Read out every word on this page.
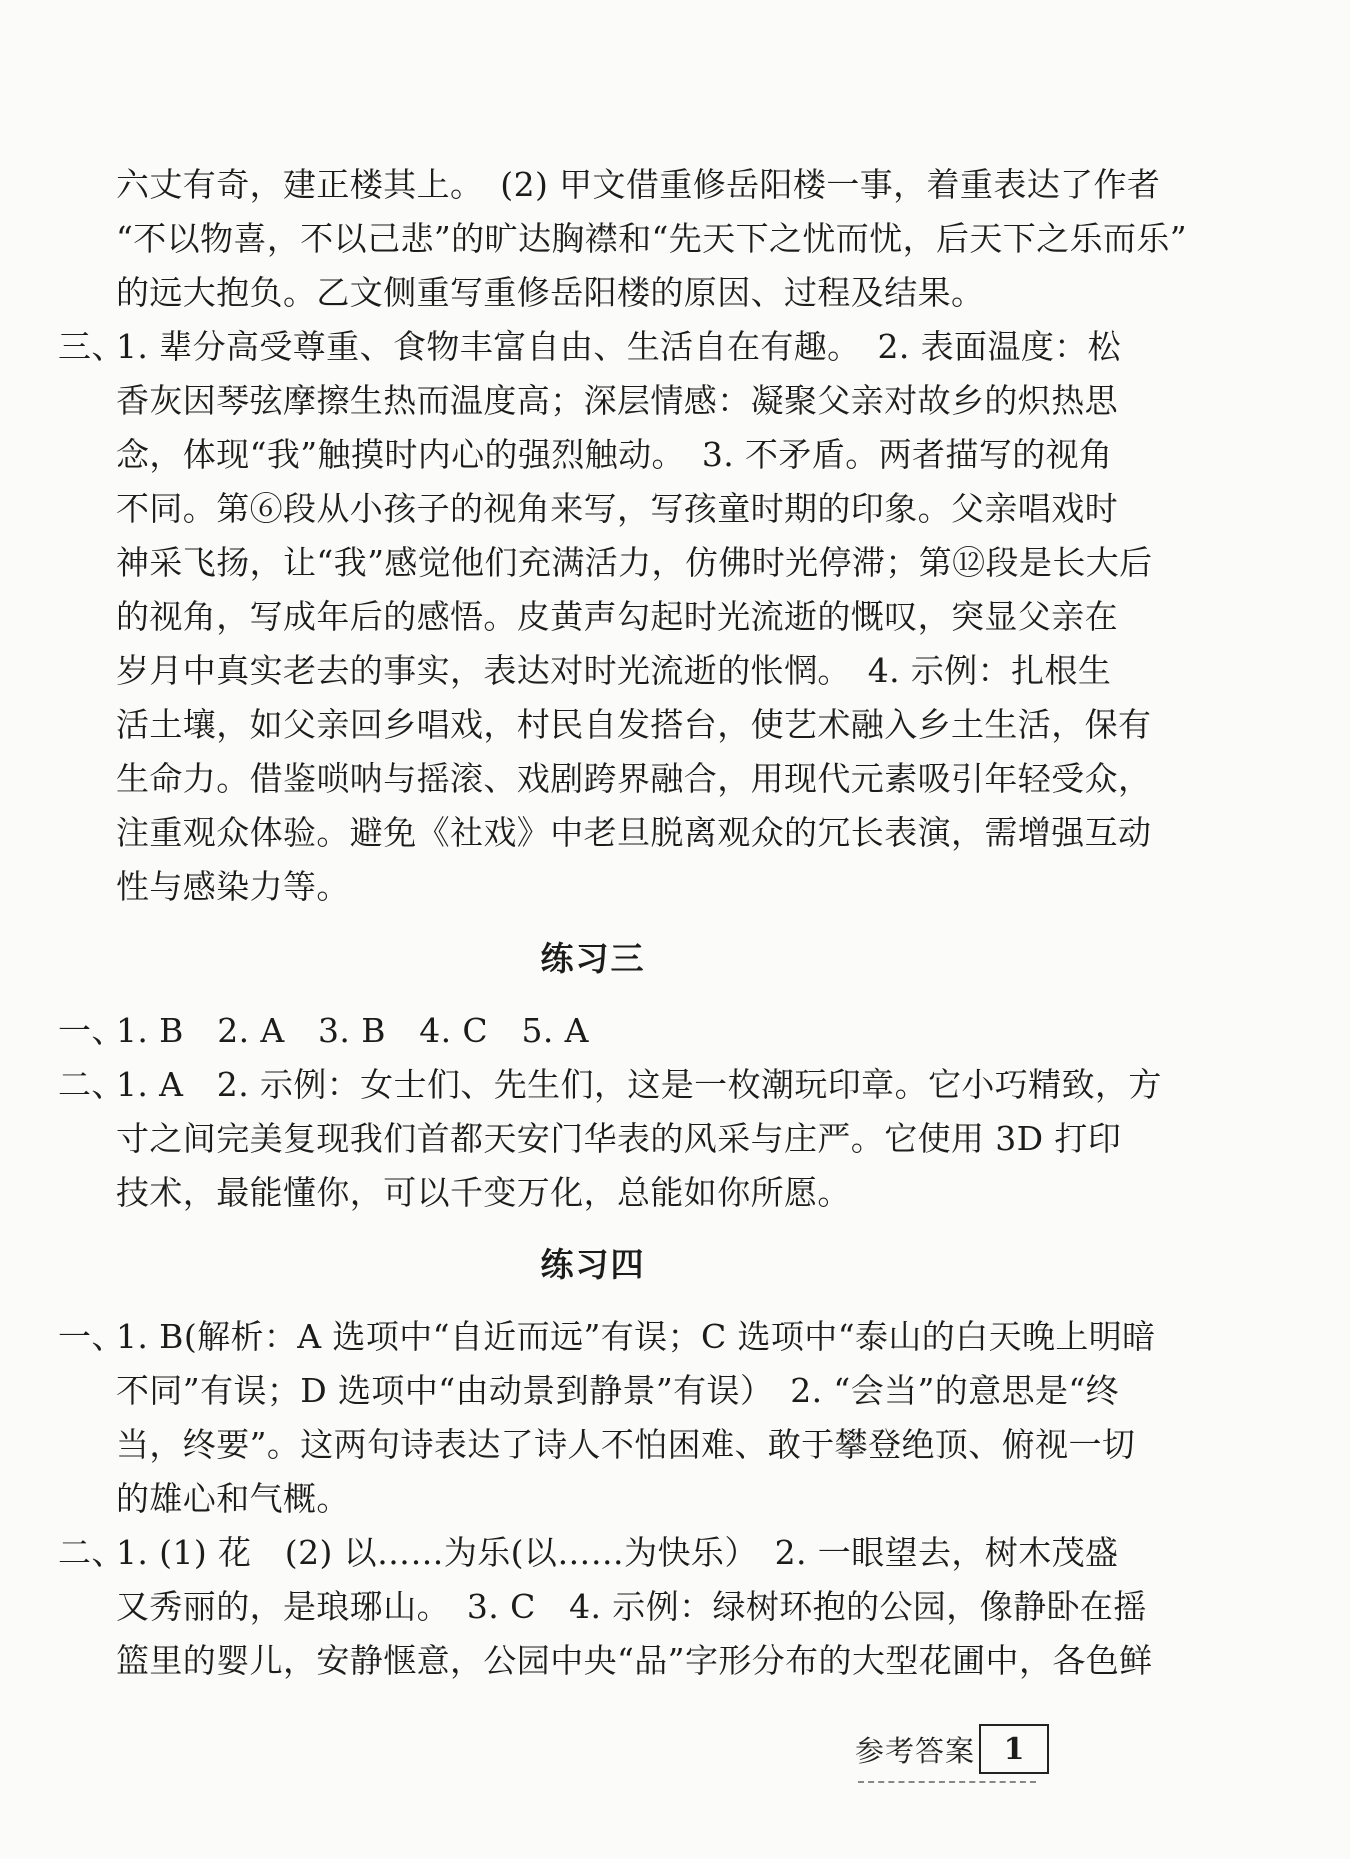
六丈有奇，建正楼其上。　(2) 甲文借重修岳阳楼一事，着重表达了作者
“不以物喜，不以己悲”的旷达胸襟和“先天下之忧而忧，后天下之乐而乐”
的远大抱负。乙文侧重写重修岳阳楼的原因、过程及结果。
三、
1. 辈分高受尊重、食物丰富自由、生活自在有趣。　2. 表面温度：松
香灰因琴弦摩擦生热而温度高；深层情感：凝聚父亲对故乡的炽热思
念，体现“我”触摸时内心的强烈触动。　3. 不矛盾。两者描写的视角
不同。第⑥段从小孩子的视角来写，写孩童时期的印象。父亲唱戏时
神采飞扬，让“我”感觉他们充满活力，仿佛时光停滞；第⑫段是长大后
的视角，写成年后的感悟。皮黄声勾起时光流逝的慨叹，突显父亲在
岁月中真实老去的事实，表达对时光流逝的怅惘。　4. 示例：扎根生
活土壤，如父亲回乡唱戏，村民自发搭台，使艺术融入乡土生活，保有
生命力。借鉴唢呐与摇滚、戏剧跨界融合，用现代元素吸引年轻受众，
注重观众体验。避免《社戏》中老旦脱离观众的冗长表演，需增强互动
性与感染力等。
练习三
一、
1. B　2. A　3. B　4. C　5. A
二、
1. A　2. 示例：女士们、先生们，这是一枚潮玩印章。它小巧精致，方
寸之间完美复现我们首都天安门华表的风采与庄严。它使用 3D 打印
技术，最能懂你，可以千变万化，总能如你所愿。
练习四
一、
1. B(解析：A 选项中“自近而远”有误；C 选项中“泰山的白天晚上明暗
不同”有误；D 选项中“由动景到静景”有误）　2. “会当”的意思是“终
当，终要”。这两句诗表达了诗人不怕困难、敢于攀登绝顶、俯视一切
的雄心和气概。
二、
1. (1) 花　(2) 以……为乐(以……为快乐）　2. 一眼望去，树木茂盛
又秀丽的，是琅琊山。　3. C　4. 示例：绿树环抱的公园，像静卧在摇
篮里的婴儿，安静惬意，公园中央“品”字形分布的大型花圃中，各色鲜
参考答案 1
